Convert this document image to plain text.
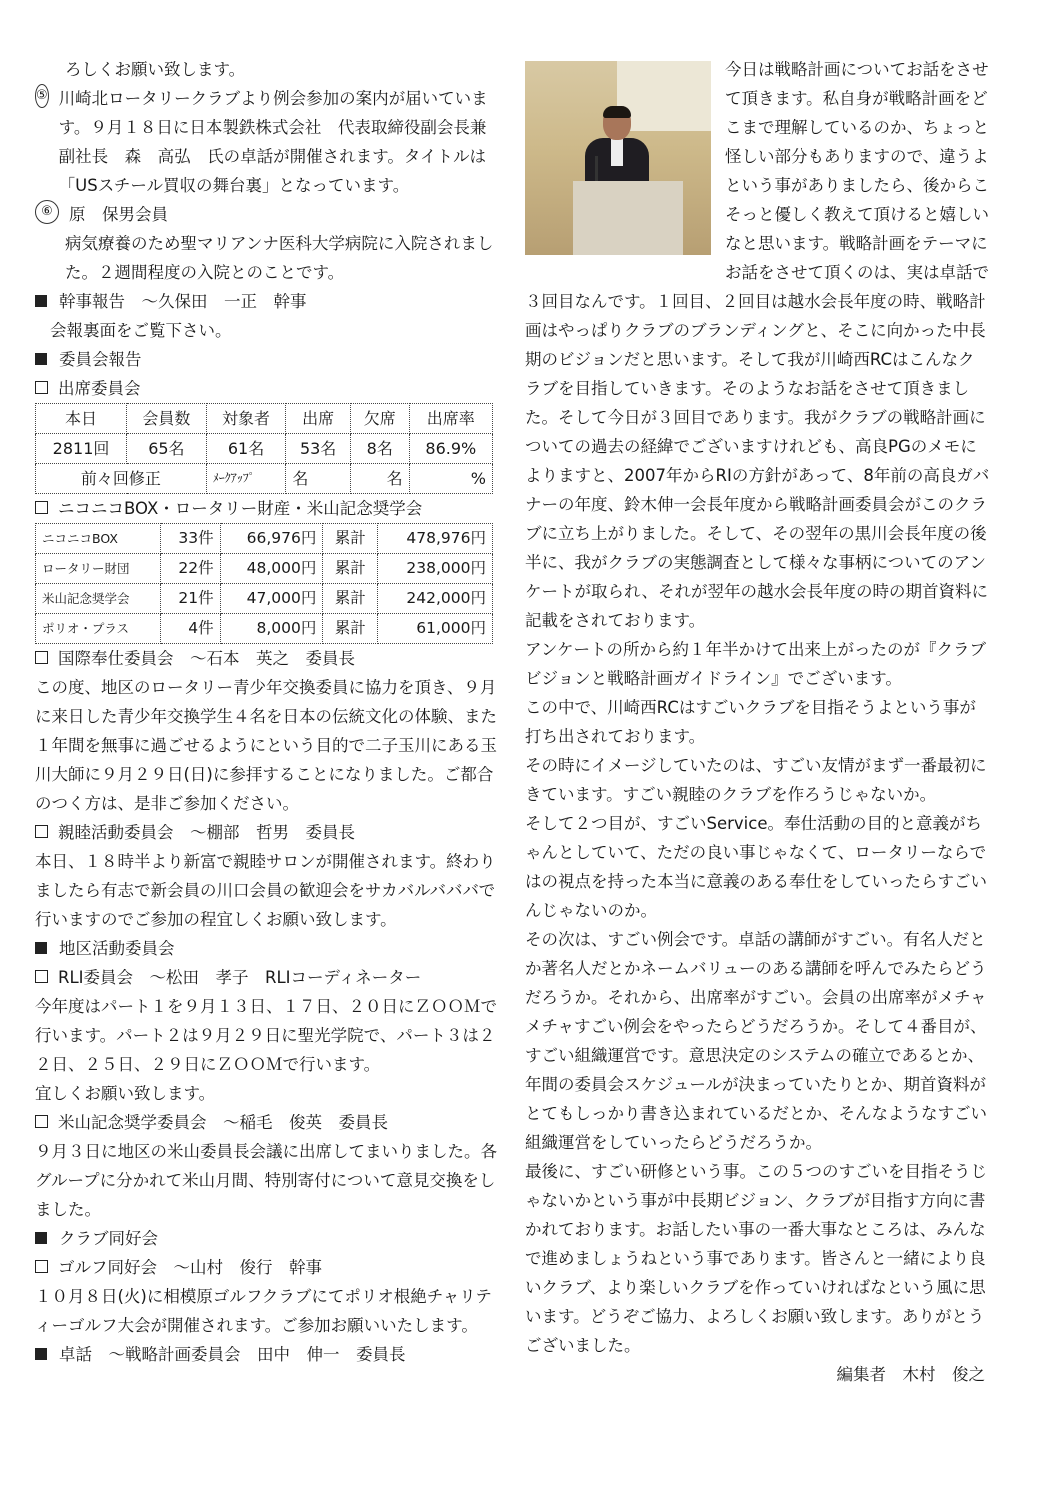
ろしくお願い致します。

⑤ 川崎北ロータリークラブより例会参加の案内が届いています。９月１８日に日本製鉄株式会社　代表取締役副会長兼副社長　森　高弘　氏の卓話が開催されます。タイトルは「USスチール買収の舞台裏」となっています。

⑥ 原　保男会員

病気療養のため聖マリアンナ医科大学病院に入院されました。２週間程度の入院とのことです。

幹事報告　～久保田　一正　幹事

会報裏面をご覧下さい。

委員会報告

出席委員会

本日	会員数	対象者	出席	欠席	出席率
2811回	65名	61名	53名	8名	86.9%
前々回修正		ﾒｰｸｱｯﾌﾟ	名	名	%

ニコニコBOX・ロータリー財産・米山記念奨学会

ニコニコBOX	33件	66,976円	累計	478,976円
ロータリー財団	22件	48,000円	累計	238,000円
米山記念奨学会	21件	47,000円	累計	242,000円
ポリオ・プラス	4件	8,000円	累計	61,000円

国際奉仕委員会　～石本　英之　委員長

この度、地区のロータリー青少年交換委員に協力を頂き、９月に来日した青少年交換学生４名を日本の伝統文化の体験、また１年間を無事に過ごせるようにという目的で二子玉川にある玉川大師に９月２９日(日)に参拝することになりました。ご都合のつく方は、是非ご参加ください。

親睦活動委員会　～棚部　哲男　委員長

本日、１８時半より新富で親睦サロンが開催されます。終わりましたら有志で新会員の川口会員の歓迎会をサカバルバババで行いますのでご参加の程宜しくお願い致します。

地区活動委員会

RLI委員会　～松田　孝子　RLIコーディネーター

今年度はパート１を９月１３日、１７日、２０日にＺＯＯＭで行います。パート２は９月２９日に聖光学院で、パート３は２２日、２５日、２９日にＺＯＯＭで行います。

宜しくお願い致します。

米山記念奨学委員会　～稲毛　俊英　委員長

９月３日に地区の米山委員長会議に出席してまいりました。各グループに分かれて米山月間、特別寄付について意見交換をしました。

クラブ同好会

ゴルフ同好会　～山村　俊行　幹事

１０月８日(火)に相模原ゴルフクラブにてポリオ根絶チャリティーゴルフ大会が開催されます。ご参加お願いいたします。

卓話　～戦略計画委員会　田中　伸一　委員長

今日は戦略計画についてお話をさせて頂きます。私自身が戦略計画をどこまで理解しているのか、ちょっと怪しい部分もありますので、違うよという事がありましたら、後からこそっと優しく教えて頂けると嬉しいなと思います。戦略計画をテーマにお話をさせて頂くのは、実は卓話で３回目なんです。１回目、２回目は越水会長年度の時、戦略計画はやっぱりクラブのブランディングと、そこに向かった中長期のビジョンだと思います。そして我が川崎西RCはこんなクラブを目指していきます。そのようなお話をさせて頂きました。そして今日が３回目であります。我がクラブの戦略計画についての過去の経緯でございますけれども、高良PGのメモによりますと、2007年からRIの方針があって、8年前の高良ガバナーの年度、鈴木伸一会長年度から戦略計画委員会がこのクラブに立ち上がりました。そして、その翌年の黒川会長年度の後半に、我がクラブの実態調査として様々な事柄についてのアンケートが取られ、それが翌年の越水会長年度の時の期首資料に記載をされております。

アンケートの所から約１年半かけて出来上がったのが『クラブビジョンと戦略計画ガイドライン』でございます。

この中で、川崎西RCはすごいクラブを目指そうよという事が打ち出されております。

その時にイメージしていたのは、すごい友情がまず一番最初にきています。すごい親睦のクラブを作ろうじゃないか。

そして２つ目が、すごいService。奉仕活動の目的と意義がちゃんとしていて、ただの良い事じゃなくて、ロータリーならではの視点を持った本当に意義のある奉仕をしていったらすごいんじゃないのか。

その次は、すごい例会です。卓話の講師がすごい。有名人だとか著名人だとかネームバリューのある講師を呼んでみたらどうだろうか。それから、出席率がすごい。会員の出席率がメチャメチャすごい例会をやったらどうだろうか。そして４番目が、すごい組織運営です。意思決定のシステムの確立であるとか、年間の委員会スケジュールが決まっていたりとか、期首資料がとてもしっかり書き込まれているだとか、そんなようなすごい組織運営をしていったらどうだろうか。

最後に、すごい研修という事。この５つのすごいを目指そうじゃないかという事が中長期ビジョン、クラブが目指す方向に書かれております。お話したい事の一番大事なところは、みんなで進めましょうねという事であります。皆さんと一緒により良いクラブ、より楽しいクラブを作っていければなという風に思います。どうぞご協力、よろしくお願い致します。ありがとうございました。

編集者　木村　俊之
